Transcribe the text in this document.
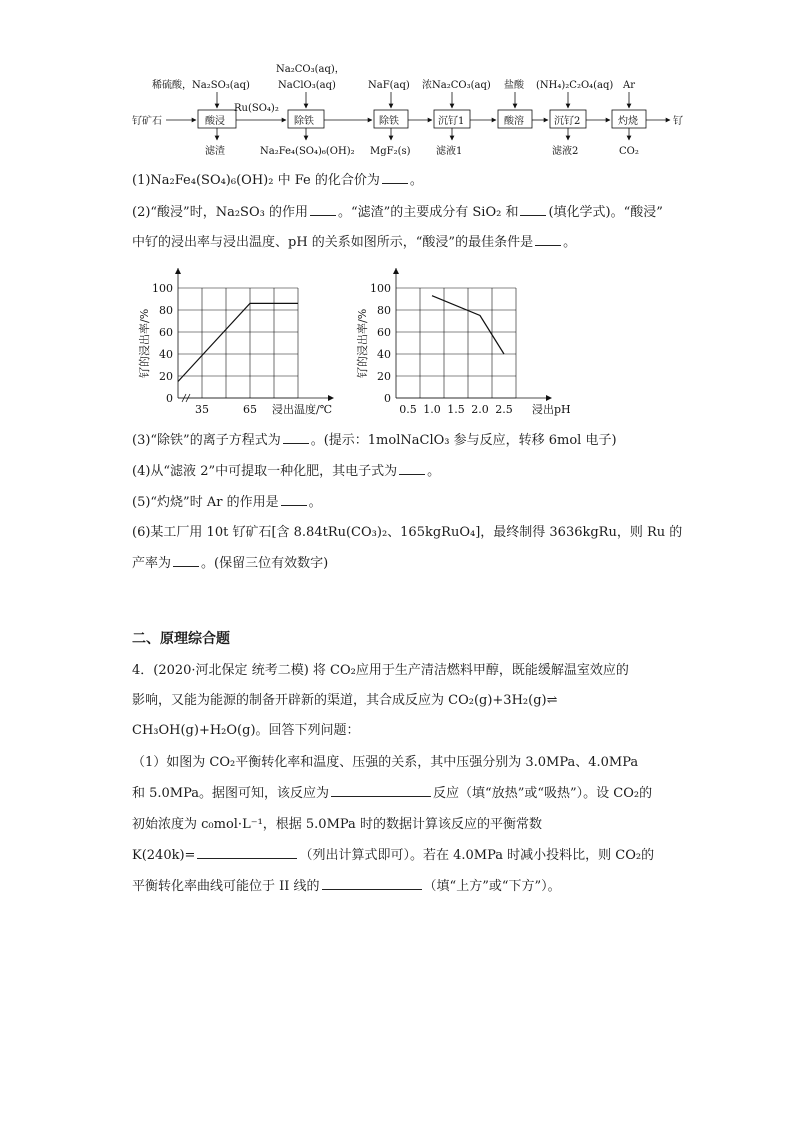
钌矿石	酸浸
Ru(SO₄)₂
除铁	除铁	沉钌1	酸溶	沉钌2	灼烧	钌
稀硫酸，Na₂SO₃(aq)
Na₂CO₃(aq)，
NaClO₃(aq)	NaF(aq) 浓Na₂CO₃(aq) 盐酸 (NH₄)₂C₂O₄(aq) Ar
滤渣	Na₂Fe₄(SO₄)₆(OH)₂ MgF₂(s)	滤液1	滤液2	CO₂
(1)Na₂Fe₄(SO₄)₆(OH)₂ 中 Fe 的化合价为 。
(2)“酸浸”时，Na₂SO₃ 的作用 。“滤渣”的主要成分有 SiO₂ 和 (填化学式)。“酸浸”
中钌的浸出率与浸出温度、pH 的关系如图所示，“酸浸”的最佳条件是 。
钌的浸出率/%
浸出温度/℃
0
20
40
60
80
100
35	65
钌的浸出率/%
浸出pH
0
20
40
60
80
100
0.5 1.0 1.5 2.0 2.5
(3)“除铁”的离子方程式为 。(提示：1molNaClO₃ 参与反应，转移 6mol 电子)
(4)从“滤液 2”中可提取一种化肥，其电子式为 。
(5)“灼烧”时 Ar 的作用是 。
(6)某工厂用 10t 钌矿石[含 8.84tRu(CO₃)₂、165kgRuO₄]，最终制得 3636kgRu，则 Ru 的
产率为 。(保留三位有效数字)
二、原理综合题
4．(2020·河北保定 统考二模) 将 CO₂应用于生产清洁燃料甲醇，既能缓解温室效应的
影响，又能为能源的制备开辟新的渠道，其合成反应为 CO₂(g)+3H₂(g)⇌
CH₃OH(g)+H₂O(g)。回答下列问题：
（1）如图为 CO₂平衡转化率和温度、压强的关系，其中压强分别为 3.0MPa、4.0MPa
和 5.0MPa。据图可知，该反应为	反应（填“放热”或“吸热”）。设 CO₂的
初始浓度为 c₀mol·L⁻¹，根据 5.0MPa 时的数据计算该反应的平衡常数
K(240k)=	（列出计算式即可）。若在 4.0MPa 时减小投料比，则 CO₂的
平衡转化率曲线可能位于 II 线的	（填“上方”或“下方”）。
